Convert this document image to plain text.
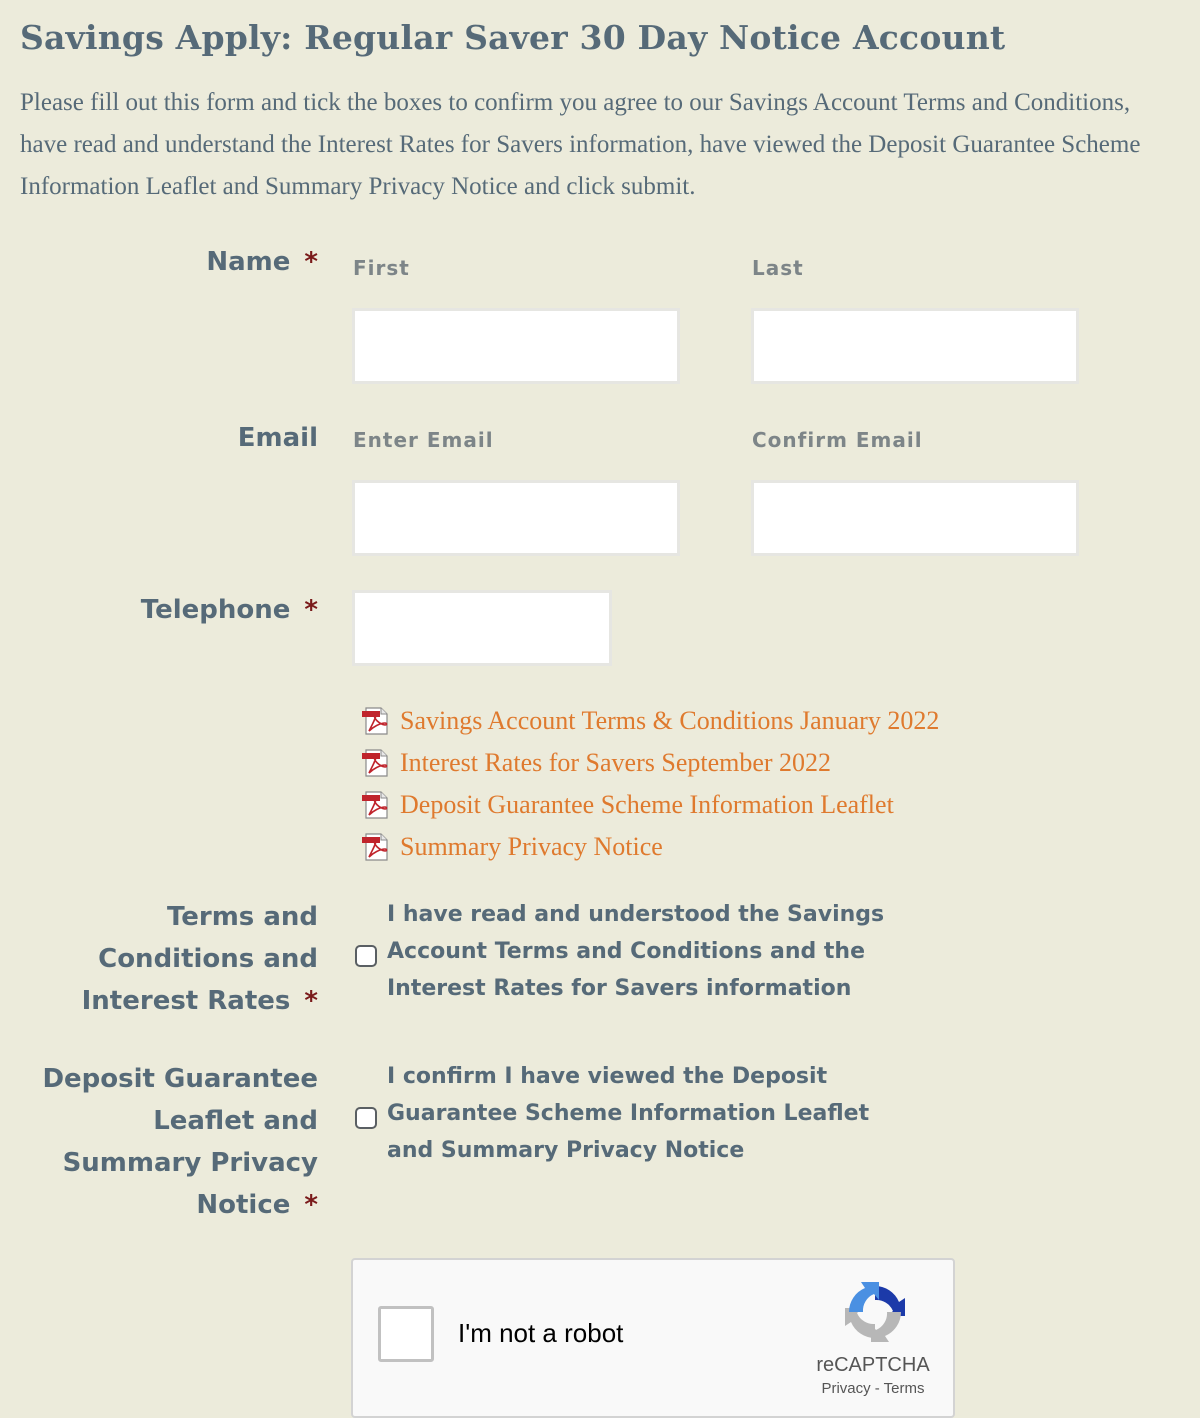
Savings Apply: Regular Saver 30 Day Notice Account
Please fill out this form and tick the boxes to confirm you agree to our Savings Account Terms and Conditions, have read and understand the Interest Rates for Savers information, have viewed the Deposit Guarantee Scheme Information Leaflet and Summary Privacy Notice and click submit.
Name * First	Last
Email Enter Email	Confirm Email
Telephone *
Savings Account Terms & Conditions January 2022
Interest Rates for Savers September 2022
Deposit Guarantee Scheme Information Leaflet
Summary Privacy Notice
Terms and
Conditions and
Interest Rates *
I have read and understood the Savings Account Terms and Conditions and the Interest Rates for Savers information
Deposit Guarantee
Leaflet and
Summary Privacy
Notice *
I confirm I have viewed the Deposit Guarantee Scheme Information Leaflet and Summary Privacy Notice
I'm not a robot
reCAPTCHA
Privacy - Terms
